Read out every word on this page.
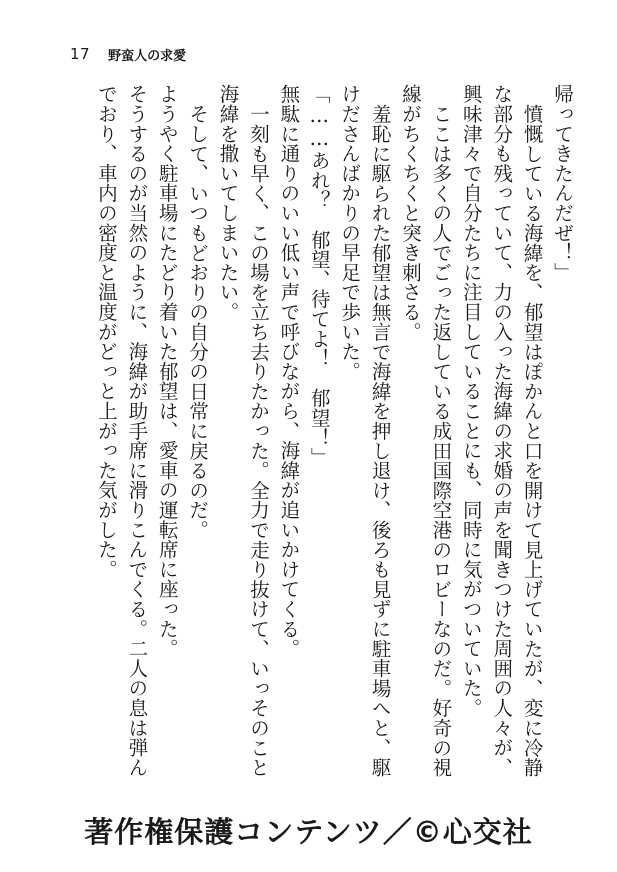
17 野蛮人の求愛

帰ってきたんだぜ！」

憤慨している海緯を、郁望はぽかんと口を開けて見上げていたが、変に冷静な部分も残っていて、力の入った海緯の求婚の声を聞きつけた周囲の人々が、興味津々で自分たちに注目していることにも、同時に気がついていた。

ここは多くの人でごった返している成田国際空港のロビーなのだ。好奇の視線がちくちくと突き刺さる。

羞恥に駆られた郁望は無言で海緯を押し退け、後ろも見ずに駐車場へと、駆けださんばかりの早足で歩いた。

「……あれ？　郁望、待てよ！　郁望！」

無駄に通りのいい低い声で呼びながら、海緯が追いかけてくる。

一刻も早く、この場を立ち去りたかった。全力で走り抜けて、いっそのこと海緯を撒いてしまいたい。

そして、いつもどおりの自分の日常に戻るのだ。

ようやく駐車場にたどり着いた郁望は、愛車の運転席に座った。

そうするのが当然のように、海緯が助手席に滑りこんでくる。二人の息は弾んでおり、車内の密度と温度がどっと上がった気がした。

著作権保護コンテンツ／©心交社
